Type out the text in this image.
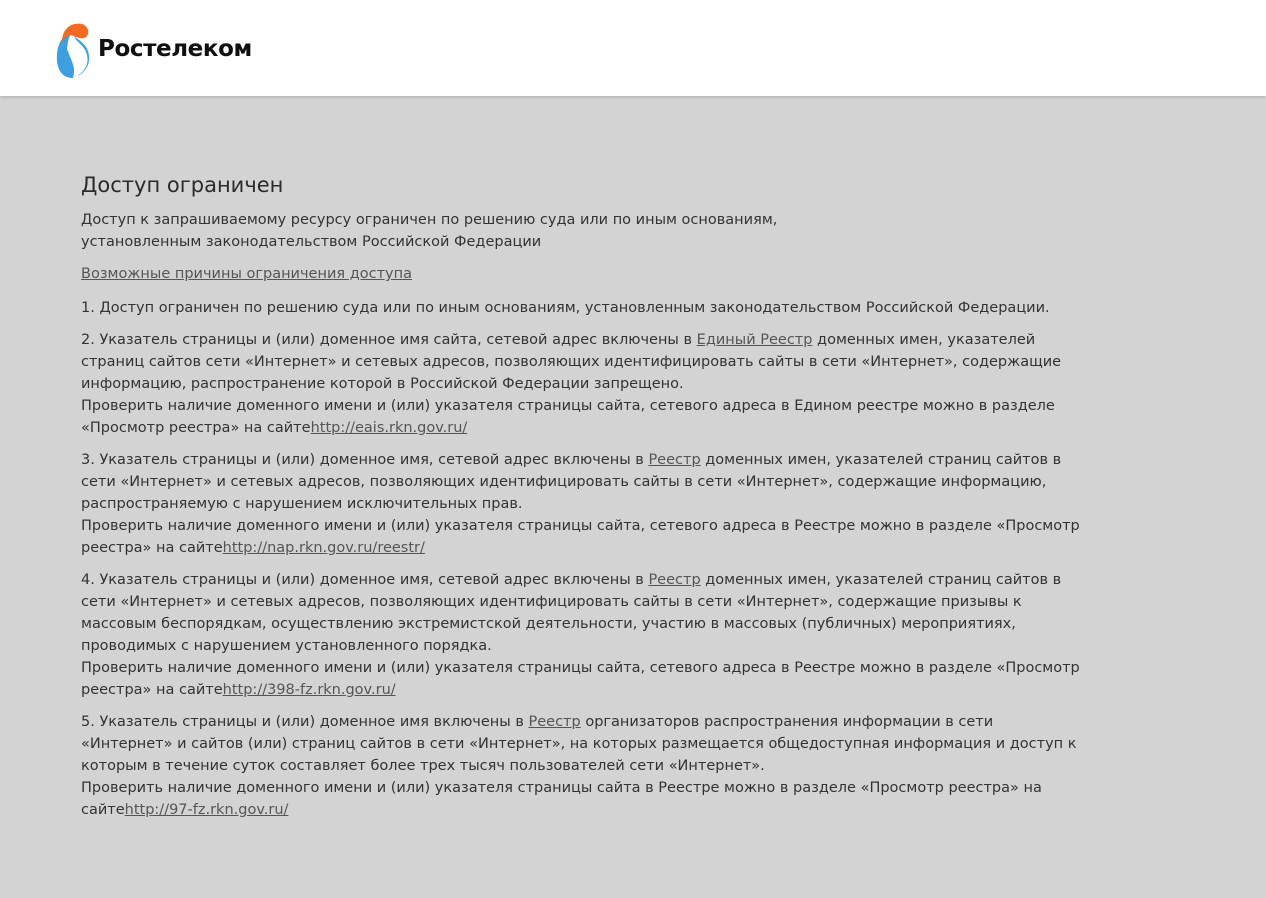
Ростелеком
Доступ ограничен

Доступ к запрашиваемому ресурсу ограничен по решению суда или по иным основаниям,
установленным законодательством Российской Федерации

Возможные причины ограничения доступа

1. Доступ ограничен по решению суда или по иным основаниям, установленным законодательством Российской Федерации.

2. Указатель страницы и (или) доменное имя сайта, сетевой адрес включены в Единый Реестр доменных имен, указателей страниц сайтов сети «Интернет» и сетевых адресов, позволяющих идентифицировать сайты в сети «Интернет», содержащие информацию, распространение которой в Российской Федерации запрещено.
Проверить наличие доменного имени и (или) указателя страницы сайта, сетевого адреса в Едином реестре можно в разделе «Просмотр реестра» на сайтеhttp://eais.rkn.gov.ru/

3. Указатель страницы и (или) доменное имя, сетевой адрес включены в Реестр доменных имен, указателей страниц сайтов в сети «Интернет» и сетевых адресов, позволяющих идентифицировать сайты в сети «Интернет», содержащие информацию, распространяемую с нарушением исключительных прав.
Проверить наличие доменного имени и (или) указателя страницы сайта, сетевого адреса в Реестре можно в разделе «Просмотр реестра» на сайтеhttp://nap.rkn.gov.ru/reestr/

4. Указатель страницы и (или) доменное имя, сетевой адрес включены в Реестр доменных имен, указателей страниц сайтов в сети «Интернет» и сетевых адресов, позволяющих идентифицировать сайты в сети «Интернет», содержащие призывы к массовым беспорядкам, осуществлению экстремистской деятельности, участию в массовых (публичных) мероприятиях, проводимых с нарушением установленного порядка.
Проверить наличие доменного имени и (или) указателя страницы сайта, сетевого адреса в Реестре можно в разделе «Просмотр реестра» на сайтеhttp://398-fz.rkn.gov.ru/

5. Указатель страницы и (или) доменное имя включены в Реестр организаторов распространения информации в сети «Интернет» и сайтов (или) страниц сайтов в сети «Интернет», на которых размещается общедоступная информация и доступ к которым в течение суток составляет более трех тысяч пользователей сети «Интернет».
Проверить наличие доменного имени и (или) указателя страницы сайта в Реестре можно в разделе «Просмотр реестра» на сайтеhttp://97-fz.rkn.gov.ru/
